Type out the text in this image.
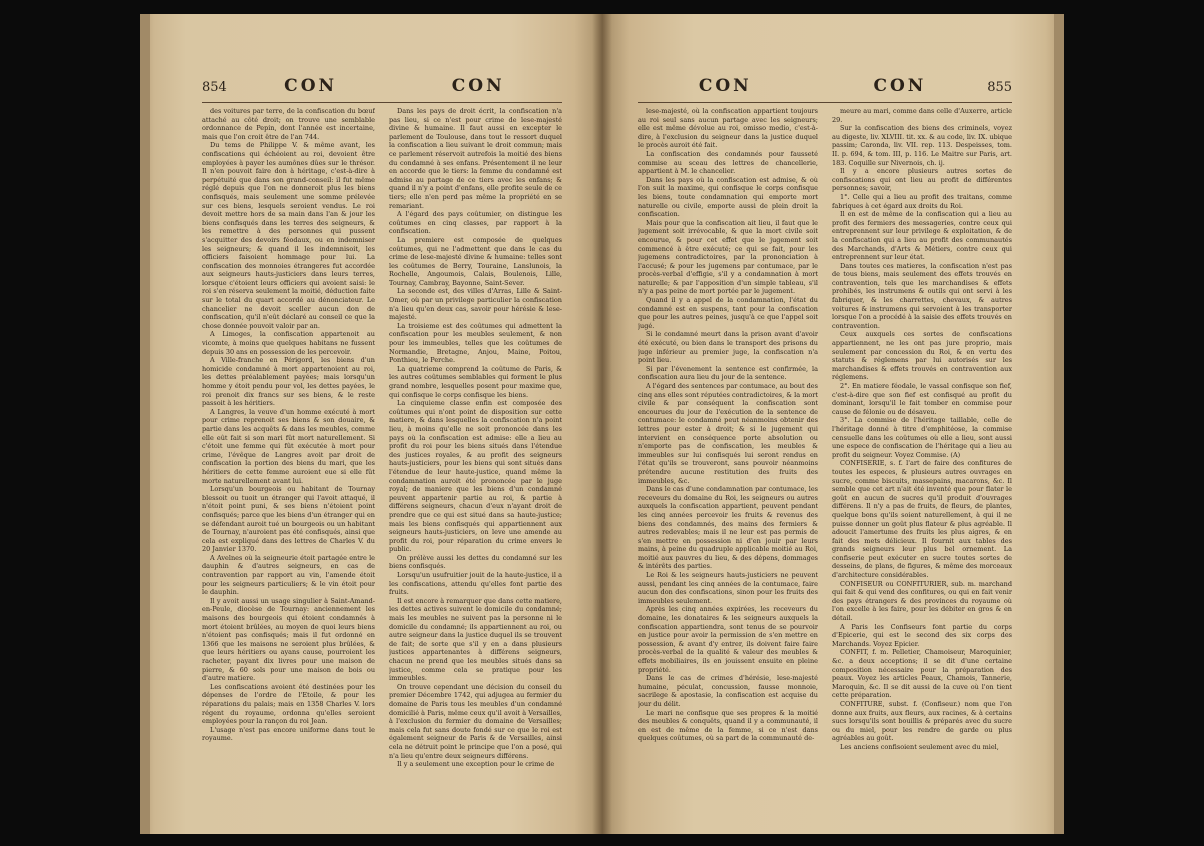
854	CON	CON

des voitures par terre, de la confiscation du bœuf attaché au côté droit; on trouve une semblable ordonnance de Pepin, dont l'année est incertaine, mais que l'on croit être de l'an 744.

Du tems de Philippe V. & même avant, les confiscations qui échéoient au roi, devoient être employées à payer les aumônes dûes sur le thrésor. Il n'en pouvoit faire don à héritage, c'est-à-dire à perpétuité que dans son grand-conseil: il fut même réglé depuis que l'on ne donneroit plus les biens confisqués, mais seulement une somme prélevée sur ces biens, lesquels seroient vendus. Le roi devoit mettre hors de sa main dans l'an & jour les biens confisqués dans les terres des seigneurs, & les remettre à des personnes qui pussent s'acquitter des devoirs féodaux, ou en indemniser les seigneurs; & quand il les indemnisoit, les officiers faisoient hommage pour lui. La confiscation des monnoies étrangeres fut accordée aux seigneurs hauts-justiciers dans leurs terres, lorsque c'étoient leurs officiers qui avoient saisi: le roi s'en réserva seulement la moitié, déduction faite sur le total du quart accordé au dénonciateur. Le chancelier ne devoit sceller aucun don de confiscation, qu'il n'eût déclaré au conseil ce que la chose donnée pouvoit valoir par an.

A Limoges, la confiscation appartenoit au vicomte, à moins que quelques habitans ne fussent depuis 30 ans en possession de les percevoir.

A Ville-franche en Périgord, les biens d'un homicide condamné à mort appartenoient au roi, les dettes préalablement payées; mais lorsqu'un homme y étoit pendu pour vol, les dettes payées, le roi prenoit dix francs sur ses biens, & le reste passoit à les héritiers.

A Langres, la veuve d'un homme exécuté à mort pour crime reprenoit ses biens & son douaire, & partie dans les acquêts & dans les meubles, comme elle eût fait si son mari fût mort naturellement. Si c'étoit une femme qui fût exécutée à mort pour crime, l'évêque de Langres avoit par droit de confiscation la portion des biens du mari, que les héritiers de cette femme auroient eue si elle fût morte naturellement avant lui.

Lorsqu'un bourgeois ou habitant de Tournay blessoit ou tuoit un étranger qui l'avoit attaqué, il n'étoit point puni, & ses biens n'étoient point confisqués; parce que les biens d'un étranger qui en se défendant auroit tué un bourgeois ou un habitant de Tournay, n'auroient pas été confisqués, ainsi que cela est expliqué dans des lettres de Charles V. du 20 Janvier 1370.

A Avelnes où la seigneurie étoit partagée entre le dauphin & d'autres seigneurs, en cas de contravention par rapport au vin, l'amende étoit pour les seigneurs particuliers; & le vin étoit pour le dauphin.

Il y avoit aussi un usage singulier à Saint-Amand-en-Peule, diocèse de Tournay: anciennement les maisons des bourgeois qui étoient condamnés à mort étoient brûlées, au moyen de quoi leurs biens n'étoient pas confisqués; mais il fut ordonné en 1366 que les maisons ne seroient plus brûlées, & que leurs héritiers ou ayans cause, pourroient les racheter, payant dix livres pour une maison de pierre, & 60 sols pour une maison de bois ou d'autre matiere.

Les confiscations avoient été destinées pour les dépenses de l'ordre de l'Etoile, & pour les réparations du palais; mais en 1358 Charles V. lors régent du royaume, ordonna qu'elles seroient employées pour la rançon du roi Jean.

L'usage n'est pas encore uniforme dans tout le royaume.

Dans les pays de droit écrit, la confiscation n'a pas lieu, si ce n'est pour crime de lese-majesté divine & humaine. Il faut aussi en excepter le parlement de Toulouse, dans tout le ressort duquel la confiscation a lieu suivant le droit commun; mais ce parlement réservoit autrefois la moitié des biens du condamné à ses enfans. Présentement il ne leur en accorde que le tiers: la femme du condamné est admise au partage de ce tiers avec les enfans; & quand il n'y a point d'enfans, elle profite seule de ce tiers; elle n'en perd pas même la propriété en se remariant.

A l'égard des pays coûtumier, on distingue les coûtumes en cinq classes, par rapport à la confiscation.

La premiere est composée de quelques coûtumes, qui ne l'admettent que dans le cas du crime de lese-majesté divine & humaine: telles sont les coûtumes de Berry, Touraine, Lanslunois, la Rochelle, Angoumois, Calais, Boulenois, Lille, Tournay, Cambray, Bayonne, Saint-Sever.

La seconde est, des villes d'Arras, Lille & Saint-Omer, où par un privilege particulier la confiscation n'a lieu qu'en deux cas, savoir pour hérésie & lese-majesté.

La troisieme est des coûtumes qui admettent la confiscation pour les meubles seulement, & non pour les immeubles, telles que les coûtumes de Normandie, Bretagne, Anjou, Maine, Poitou, Ponthieu, le Perche.

La quatrieme comprend la coûtume de Paris, & les autres coûtumes semblables qui forment le plus grand nombre, lesquelles posent pour maxime que, qui confisque le corps confisque les biens.

La cinquieme classe enfin est composée des coûtumes qui n'ont point de disposition sur cette matiere, & dans lesquelles la confiscation n'a point lieu, à moins qu'elle ne soit prononcée dans les pays où la confiscation est admise: elle a lieu au profit du roi pour les biens situés dans l'étendue des justices royales, & au profit des seigneurs hauts-justiciers, pour les biens qui sont situés dans l'étendue de leur haute-justice, quand même la condamnation auroit été prononcée par le juge royal; de maniere que les biens d'un condamné peuvent appartenir partie au roi, & partie à différens seigneurs, chacun d'eux n'ayant droit de prendre que ce qui est situé dans sa haute-justice; mais les biens confisqués qui appartiennent aux seigneurs hauts-justiciers, on leve une amende au profit du roi, pour réparation du crime envers le public.

On prélève aussi les dettes du condamné sur les biens confisqués.

Lorsqu'un usufruitier jouit de la haute-justice, il a les confiscations, attendu qu'elles font partie des fruits.

Il est encore à remarquer que dans cette matiere, les dettes actives suivent le domicile du condamné; mais les meubles ne suivent pas la personne ni le domicile du condamné; ils appartiennent au roi, ou autre seigneur dans la justice duquel ils se trouvent de fait; de sorte que s'il y en a dans plusieurs justices appartenantes à différens seigneurs, chacun ne prend que les meubles situés dans sa justice, comme cela se pratique pour les immeubles.

On trouve cependant une décision du conseil du premier Décembre 1742, qui adjugea au fermier du domaine de Paris tous les meubles d'un condamné domicilié à Paris, même ceux qu'il avoit à Versailles, à l'exclusion du fermier du domaine de Versailles; mais cela fut sans doute fondé sur ce que le roi est également seigneur de Paris & de Versailles, ainsi cela ne détruit point le principe que l'on a posé, qui n'a lieu qu'entre deux seigneurs différens.

Il y a seulement une exception pour le crime de

CON	CON	855

lese-majesté, où la confiscation appartient toujours au roi seul sans aucun partage avec les seigneurs; elle est même dévolue au roi, omisso medio, c'est-à-dire, à l'exclusion du seigneur dans la justice duquel le procès auroit été fait.

La confiscation des condamnés pour fausseté commise au sceau des lettres de chancellerie, appartient à M. le chancelier.

Dans les pays où la confiscation est admise, & où l'on suit la maxime, qui confisque le corps confisque les biens, toute condamnation qui emporte mort naturelle ou civile, emporte aussi de plein droit la confiscation.

Mais pour que la confiscation ait lieu, il faut que le jugement soit irrévocable, & que la mort civile soit encourue, & pour cet effet que le jugement soit commencé à être exécuté; ce qui se fait, pour les jugemens contradictoires, par la prononciation à l'accusé; & pour les jugemens par contumace, par le procès-verbal d'effigie, s'il y a condamnation à mort naturelle; & par l'apposition d'un simple tableau, s'il n'y a pas peine de mort portée par le jugement.

Quand il y a appel de la condamnation, l'état du condamné est en suspens, tant pour la confiscation que pour les autres peines, jusqu'à ce que l'appel soit jugé.

Si le condamné meurt dans la prison avant d'avoir été exécuté, ou bien dans le transport des prisons du juge inférieur au premier juge, la confiscation n'a point lieu.

Si par l'évenement la sentence est confirmée, la confiscation aura lieu du jour de la sentence.

A l'égard des sentences par contumace, au bout des cinq ans elles sont réputées contradictoires, & la mort civile & par conséquent la confiscation sont encourues du jour de l'exécution de la sentence de contumace: le condamné peut néanmoins obtenir des lettres pour ester à droit; & si le jugement qui intervient en conséquence porte absolution ou n'emporte pas de confiscation, les meubles & immeubles sur lui confisqués lui seront rendus en l'état qu'ils se trouveront, sans pouvoir néanmoins prétendre aucune restitution des fruits des immeubles, &c.

Dans le cas d'une condamnation par contumace, les receveurs du domaine du Roi, les seigneurs ou autres auxquels la confiscation appartient, peuvent pendant les cinq années percevoir les fruits & revenus des biens des condamnés, des mains des fermiers & autres redevables; mais il ne leur est pas permis de s'en mettre en possession ni d'en jouir par leurs mains, à peine du quadruple applicable moitié au Roi, moitié aux pauvres du lieu, & des dépens, dommages & intérêts des parties.

Le Roi & les seigneurs hauts-justiciers ne peuvent aussi, pendant les cinq années de la contumace, faire aucun don des confiscations, sinon pour les fruits des immeubles seulement.

Après les cinq années expirées, les receveurs du domaine, les donataires & les seigneurs auxquels la confiscation appartiendra, sont tenus de se pourvoir en justice pour avoir la permission de s'en mettre en possession, & avant d'y entrer, ils doivent faire faire procès-verbal de la qualité & valeur des meubles & effets mobiliaires, ils en jouissent ensuite en pleine propriété.

Dans le cas de crimes d'hérésie, lese-majesté humaine, péculat, concussion, fausse monnoie, sacrilege & apostasie, la confiscation est acquise du jour du délit.

Le mari ne confisque que ses propres & la moitié des meubles & conquêts, quand il y a communauté, il en est de même de la femme, si ce n'est dans quelques coûtumes, où sa part de la communauté de-

meure au mari, comme dans celle d'Auxerre, article 29.

Sur la confiscation des biens des criminels, voyez au digeste, liv. XLVIII. tit. xx. & au code, liv. IX. ubique passim; Caronda, liv. VII. rep. 113. Despeisses, tom. II. p. 694, & tom. III, p. 116. Le Maitre sur Paris, art. 183. Coquille sur Nivernois, ch. ij.

Il y a encore plusieurs autres sortes de confiscations qui ont lieu au profit de différentes personnes; savoir,

1°. Celle qui a lieu au profit des traitans, comme fabriques à cet égard aux droits du Roi.

Il en est de même de la confiscation qui a lieu au profit des fermiers des messageries, contre ceux qui entreprennent sur leur privilege & exploitation, & de la confiscation qui a lieu au profit des communautés des Marchands, d'Arts & Métiers, contre ceux qui entreprennent sur leur état.

Dans toutes ces matieres, la confiscation n'est pas de tous biens, mais seulement des effets trouvés en contravention, tels que les marchandises & effets prohibés, les instrumens & outils qui ont servi à les fabriquer, & les charrettes, chevaux, & autres voitures & instrumens qui servoient à les transporter lorsque l'on a procédé à la saisie des effets trouvés en contravention.

Ceux auxquels ces sortes de confiscations appartiennent, ne les ont pas jure proprio, mais seulement par concession du Roi, & en vertu des statuts & réglemens par lui autorisés sur les marchandises & effets trouvés en contravention aux réglemens.

2°. En matiere féodale, le vassal confisque son fief, c'est-à-dire que son fief est confisqué au profit du dominant, lorsqu'il le fait tomber en commise pour cause de félonie ou de désaveu.

3°. La commise de l'héritage taillable, celle de l'héritage donné à titre d'emphitéose, la commise censuelle dans les coûtumes où elle a lieu, sont aussi une espece de confiscation de l'héritage qui a lieu au profit du seigneur. Voyez Commise. (A)

CONFISERIE, s. f. l'art de faire des confitures de toutes les especes, & plusieurs autres ouvrages en sucre, comme biscuits, massepains, macarons, &c. Il semble que cet art n'ait été inventé que pour flater le goût en aucun de sucres qu'il produit d'ouvrages différens. Il n'y a pas de fruits, de fleurs, de plantes, quelque bons qu'ils soient naturellement, à qui il ne puisse donner un goût plus flateur & plus agréable. Il adoucit l'amertume des fruits les plus aigres, & en fait des mets délicieux. Il fournit aux tables des grands seigneurs leur plus bel ornement. La confiserie peut exécuter en sucre toutes sortes de desseins, de plans, de figures, & même des morceaux d'architecture considérables.

CONFISEUR ou CONFITURIER, sub. m. marchand qui fait & qui vend des confitures, ou qui en fait venir des pays étrangers & des provinces du royaume où l'on excelle à les faire, pour les débiter en gros & en détail.

A Paris les Confiseurs font partie du corps d'Epicerie, qui est le second des six corps des Marchands. Voyez Epicier.

CONFIT, f. m. Pelletier, Chamoiseur, Maroquinier, &c. a deux acceptions; il se dit d'une certaine composition nécessaire pour la préparation des peaux. Voyez les articles Peaux, Chamois, Tannerie, Maroquin, &c. Il se dit aussi de la cuve où l'on tient cette préparation.

CONFITURE, subst. f. (Confiseur.) nom que l'on donne aux fruits, aux fleurs, aux racines, & à certains sucs lorsqu'ils sont bouillis & préparés avec du sucre ou du miel, pour les rendre de garde ou plus agréables au goût.

Les anciens confisoient seulement avec du miel,
